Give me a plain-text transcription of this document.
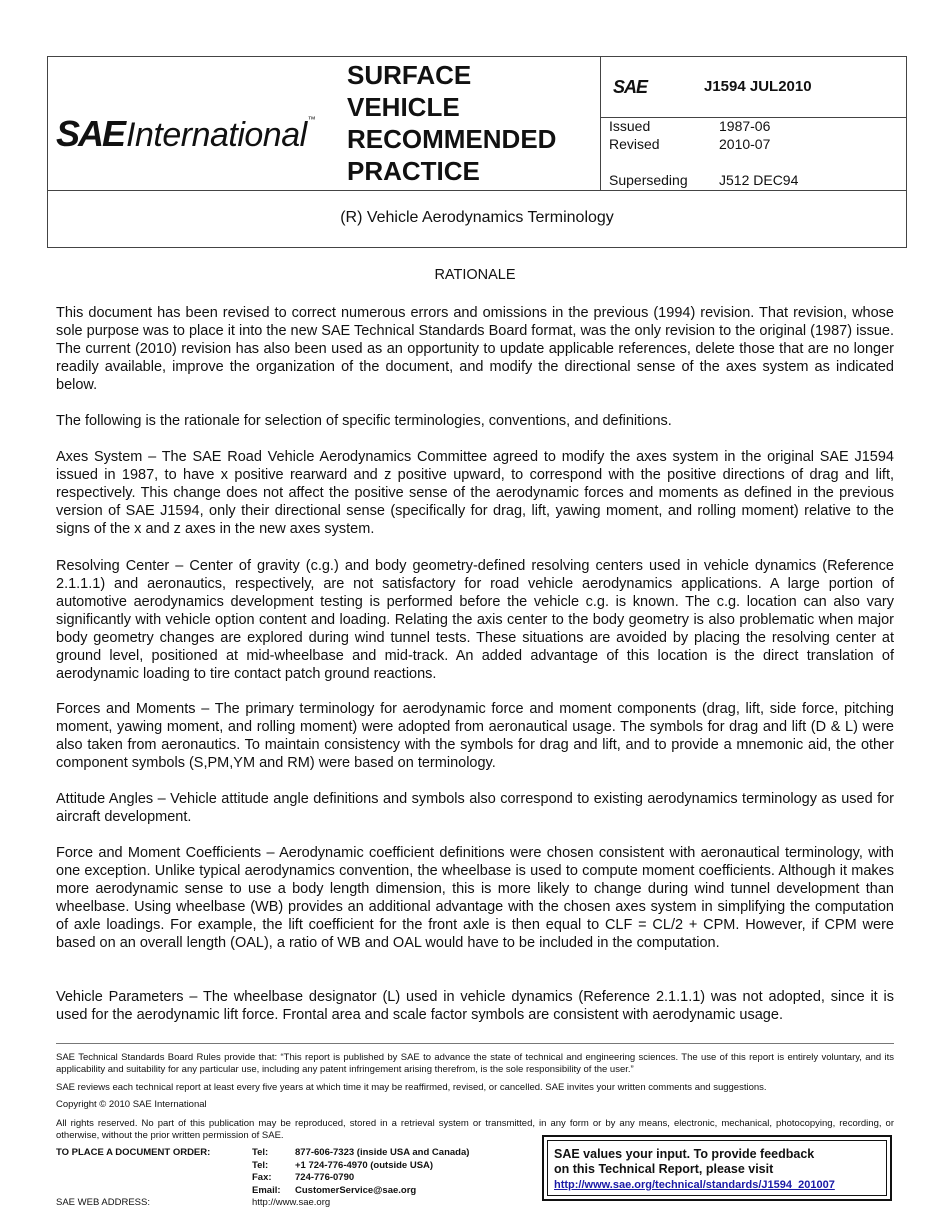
SAE International ™
SURFACE
VEHICLE
RECOMMENDED
PRACTICE
SAE	J1594 JUL2010
Issued	1987-06
Revised	2010-07
Superseding J512 DEC94
(R) Vehicle Aerodynamics Terminology
RATIONALE

This document has been revised to correct numerous errors and omissions in the previous (1994) revision. That revision, whose sole purpose was to place it into the new SAE Technical Standards Board format, was the only revision to the original (1987) issue. The current (2010) revision has also been used as an opportunity to update applicable references, delete those that are no longer readily available, improve the organization of the document, and modify the directional sense of the axes system as indicated below.

The following is the rationale for selection of specific terminologies, conventions, and definitions.

Axes System – The SAE Road Vehicle Aerodynamics Committee agreed to modify the axes system in the original SAE J1594 issued in 1987, to have x positive rearward and z positive upward, to correspond with the positive directions of drag and lift, respectively. This change does not affect the positive sense of the aerodynamic forces and moments as defined in the previous version of SAE J1594, only their directional sense (specifically for drag, lift, yawing moment, and rolling moment) relative to the signs of the x and z axes in the new axes system.

Resolving Center – Center of gravity (c.g.) and body geometry-defined resolving centers used in vehicle dynamics (Reference 2.1.1.1) and aeronautics, respectively, are not satisfactory for road vehicle aerodynamics applications. A large portion of automotive aerodynamics development testing is performed before the vehicle c.g. is known. The c.g. location can also vary significantly with vehicle option content and loading. Relating the axis center to the body geometry is also problematic when major body geometry changes are explored during wind tunnel tests. These situations are avoided by placing the resolving center at ground level, positioned at mid-wheelbase and mid-track. An added advantage of this location is the direct translation of aerodynamic loading to tire contact patch ground reactions.

Forces and Moments – The primary terminology for aerodynamic force and moment components (drag, lift, side force, pitching moment, yawing moment, and rolling moment) were adopted from aeronautical usage. The symbols for drag and lift (D & L) were also taken from aeronautics. To maintain consistency with the symbols for drag and lift, and to provide a mnemonic aid, the other component symbols (S,PM,YM and RM) were based on terminology.

Attitude Angles – Vehicle attitude angle definitions and symbols also correspond to existing aerodynamics terminology as used for aircraft development.

Force and Moment Coefficients – Aerodynamic coefficient definitions were chosen consistent with aeronautical terminology, with one exception. Unlike typical aerodynamics convention, the wheelbase is used to compute moment coefficients. Although it makes more aerodynamic sense to use a body length dimension, this is more likely to change during wind tunnel development than wheelbase. Using wheelbase (WB) provides an additional advantage with the chosen axes system in simplifying the computation of axle loadings. For example, the lift coefficient for the front axle is then equal to CLF = CL/2 + CPM. However, if CPM were based on an overall length (OAL), a ratio of WB and OAL would have to be included in the computation.

Vehicle Parameters – The wheelbase designator (L) used in vehicle dynamics (Reference 2.1.1.1) was not adopted, since it is used for the aerodynamic lift force. Frontal area and scale factor symbols are consistent with aerodynamic usage.

SAE Technical Standards Board Rules provide that: “This report is published by SAE to advance the state of technical and engineering sciences. The use of this report is entirely voluntary, and its applicability and suitability for any particular use, including any patent infringement arising therefrom, is the sole responsibility of the user.”

SAE reviews each technical report at least every five years at which time it may be reaffirmed, revised, or cancelled. SAE invites your written comments and suggestions.

Copyright © 2010 SAE International

All rights reserved. No part of this publication may be reproduced, stored in a retrieval system or transmitted, in any form or by any means, electronic, mechanical, photocopying, recording, or otherwise, without the prior written permission of SAE.

TO PLACE A DOCUMENT ORDER:	Tel:	877-606-7323 (inside USA and Canada)
Tel:	+1 724-776-4970 (outside USA)
Fax: 724-776-0790
Email: CustomerService@sae.org
SAE WEB ADDRESS:	http://www.sae.org
SAE values your input. To provide feedback
on this Technical Report, please visit
http://www.sae.org/technical/standards/J1594_201007
